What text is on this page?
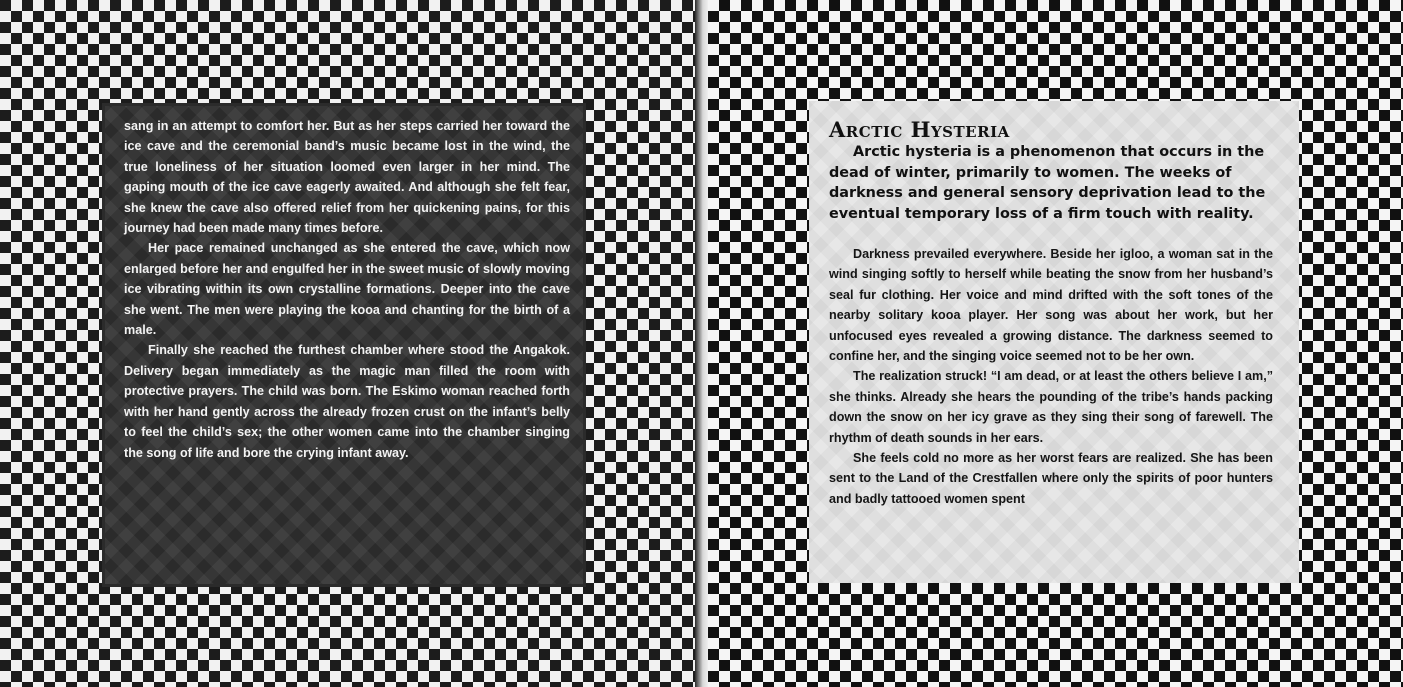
sang in an attempt to comfort her. But as her steps carried her toward the ice cave and the ceremonial band’s music became lost in the wind, the true loneliness of her situation loomed even larger in her mind. The gaping mouth of the ice cave eagerly awaited. And although she felt fear, she knew the cave also offered relief from her quickening pains, for this journey had been made many times before.

Her pace remained unchanged as she entered the cave, which now enlarged before her and engulfed her in the sweet music of slowly moving ice vibrating within its own crystalline formations. Deeper into the cave she went. The men were playing the kooa and chanting for the birth of a male.

Finally she reached the furthest chamber where stood the Angakok. Delivery began immediately as the magic man filled the room with protective prayers. The child was born. The Eskimo woman reached forth with her hand gently across the already frozen crust on the infant’s belly to feel the child’s sex; the other women came into the chamber singing the song of life and bore the crying infant away.

Arctic Hysteria

Arctic hysteria is a phenomenon that occurs in the dead of winter, primarily to women. The weeks of darkness and general sensory deprivation lead to the eventual temporary loss of a firm touch with reality.

Darkness prevailed everywhere. Beside her igloo, a woman sat in the wind singing softly to herself while beating the snow from her husband’s seal fur clothing. Her voice and mind drifted with the soft tones of the nearby solitary kooa player. Her song was about her work, but her unfocused eyes revealed a growing distance. The darkness seemed to confine her, and the singing voice seemed not to be her own.

The realization struck! “I am dead, or at least the others believe I am,” she thinks. Already she hears the pounding of the tribe’s hands packing down the snow on her icy grave as they sing their song of farewell. The rhythm of death sounds in her ears.

She feels cold no more as her worst fears are realized. She has been sent to the Land of the Crestfallen where only the spirits of poor hunters and badly tattooed women spent
